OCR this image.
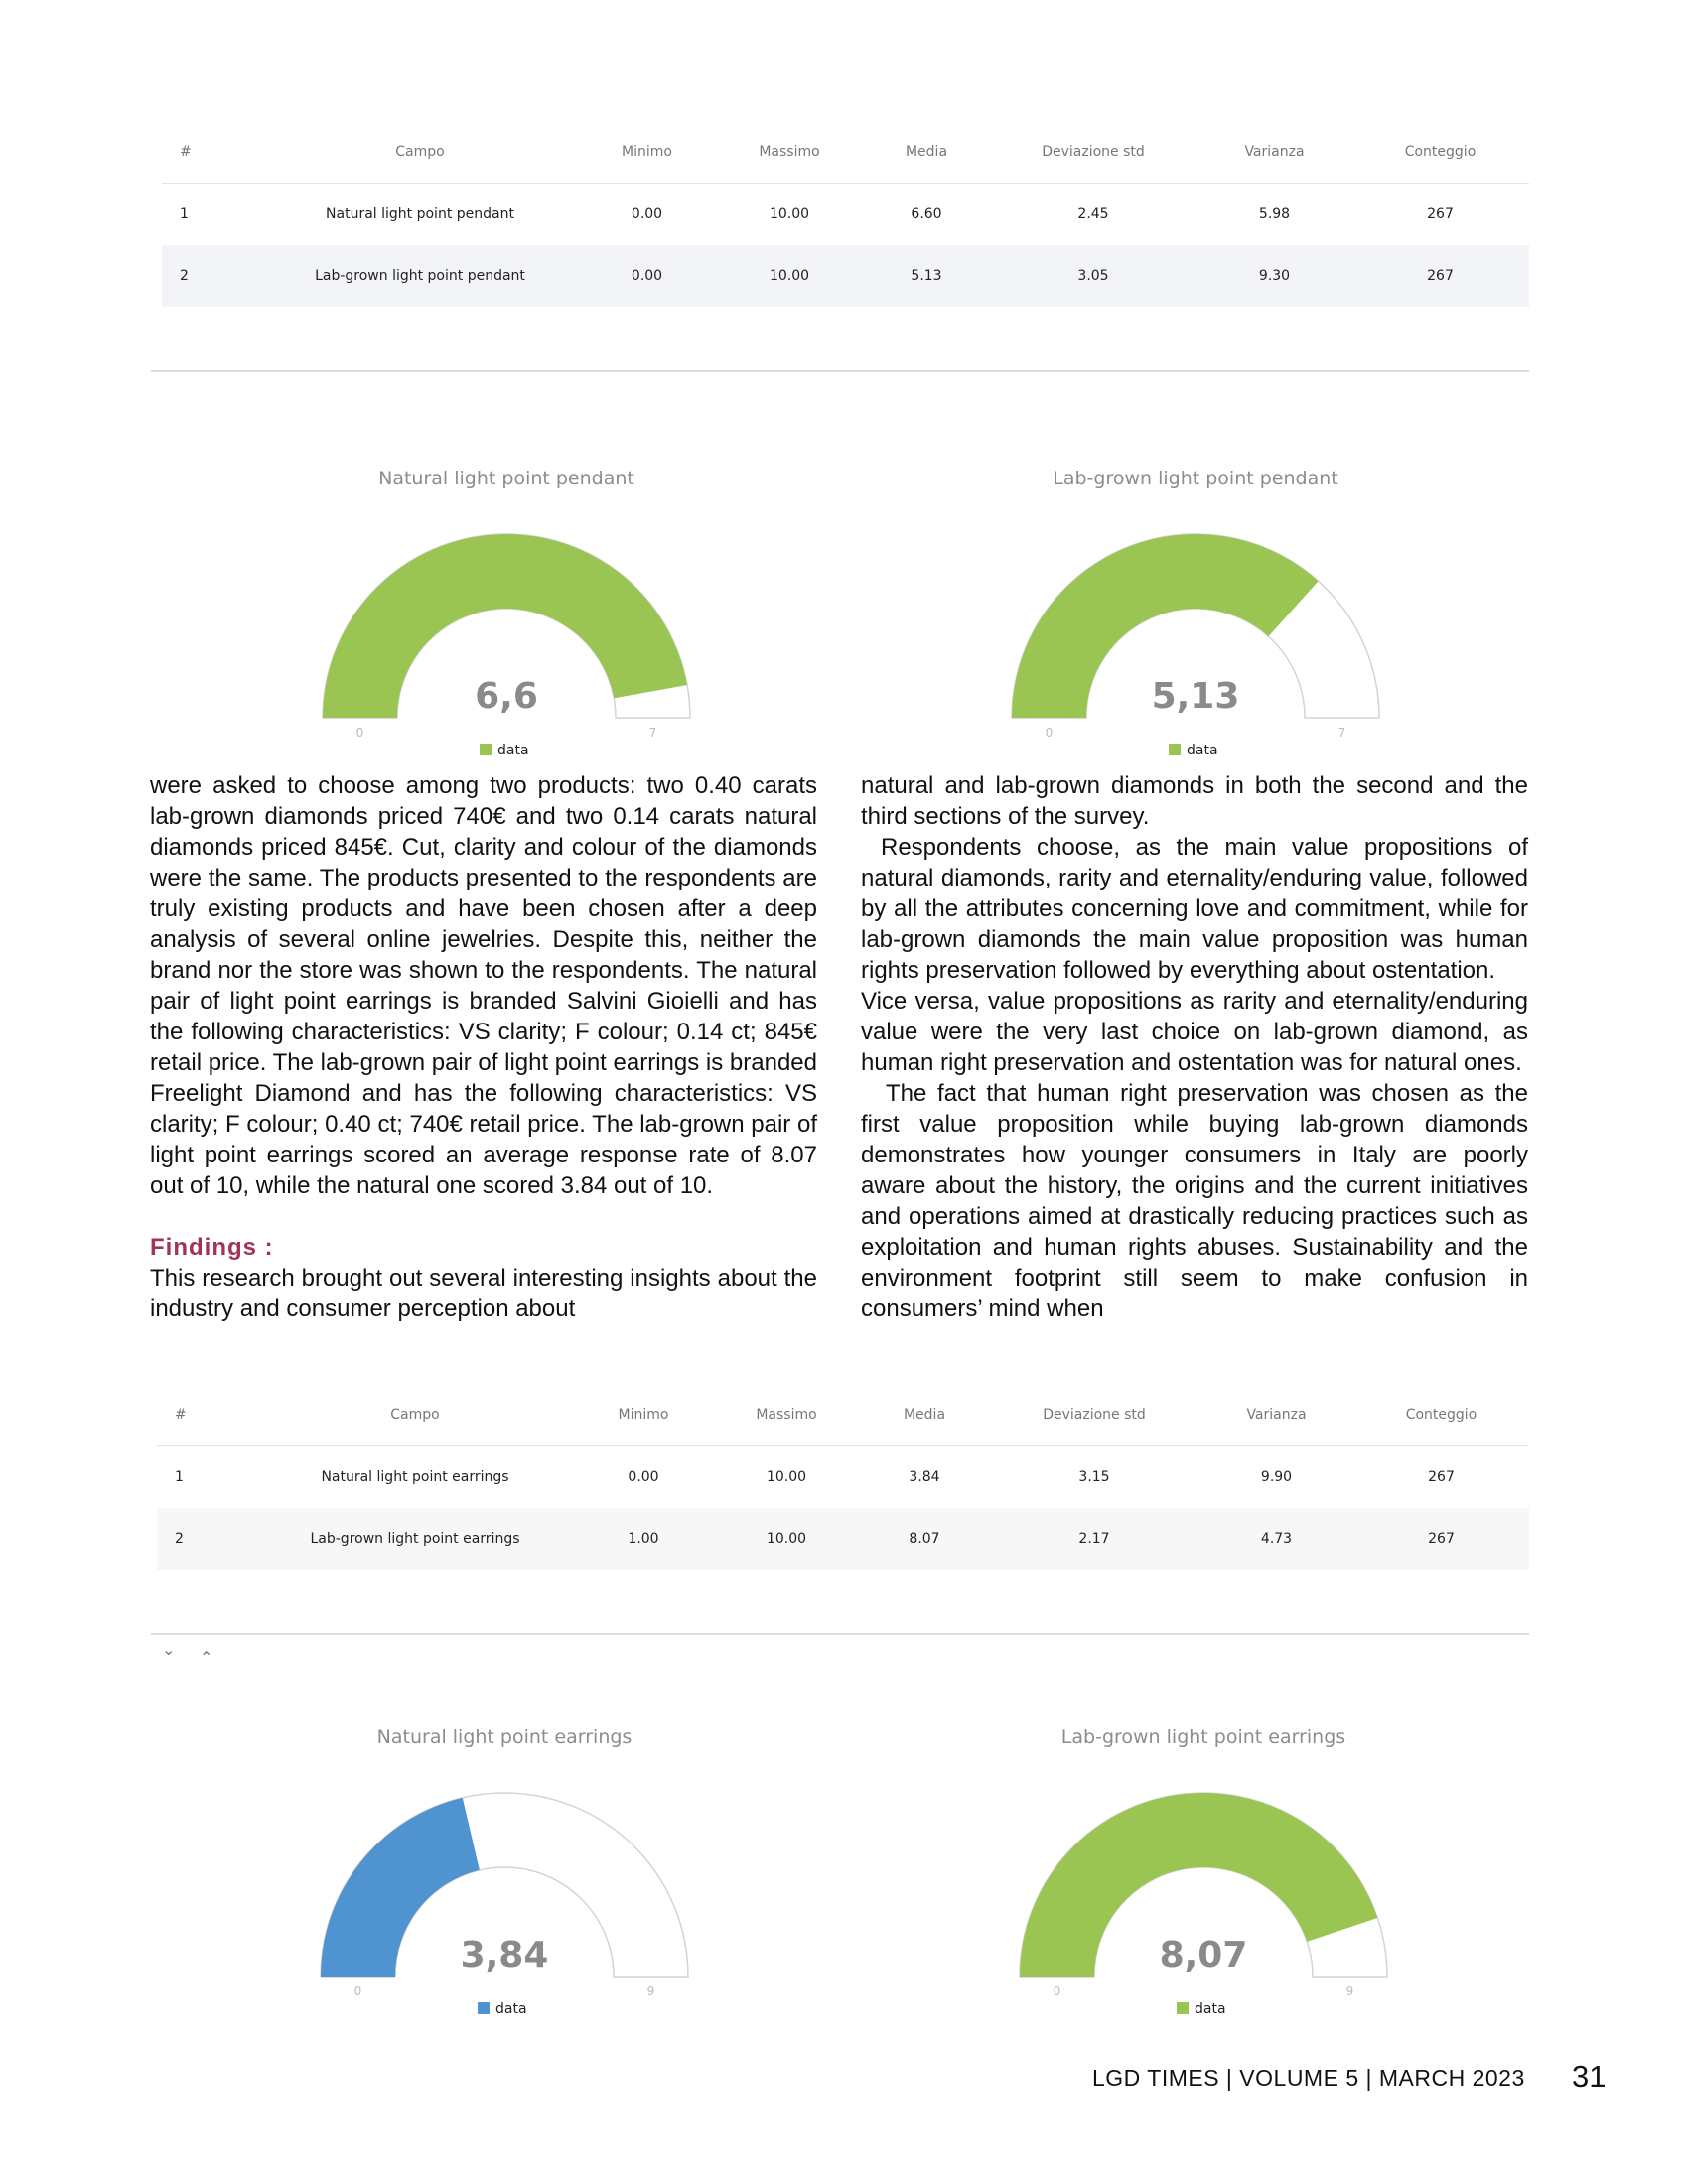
#	Campo	Minimo	Massimo	Media	Deviazione std	Varianza	Conteggio
1	Natural light point pendant	0.00	10.00	6.60	2.45	5.98	267
2	Lab-grown light point pendant	0.00	10.00	5.13	3.05	9.30	267
Natural light point pendant
6,6
0	7
data
Lab-grown light point pendant
5,13
0	7
data

were asked to choose among two products: two 0.40 carats lab-grown diamonds priced 740€ and two 0.14 carats natural diamonds priced 845€. Cut, clarity and colour of the diamonds were the same. The products presented to the respondents are truly existing products and have been chosen after a deep analysis of several online jewelries. Despite this, neither the brand nor the store was shown to the respondents. The natural pair of light point earrings is branded Salvini Gioielli and has the following characteristics: VS clarity; F colour; 0.14 ct; 845€ retail price. The lab-grown pair of light point earrings is branded Freelight Diamond and has the following characteristics: VS clarity; F colour; 0.40 ct; 740€ retail price. The lab-grown pair of light point earrings scored an average response rate of 8.07 out of 10, while the natural one scored 3.84 out of 10.

Findings :

This research brought out several interesting insights about the industry and consumer perception about

natural and lab-grown diamonds in both the second and the third sections of the survey.

Respondents choose, as the main value propositions of natural diamonds, rarity and eternality/enduring value, followed by all the attributes concerning love and commitment, while for lab-grown diamonds the main value proposition was human rights preservation followed by everything about ostentation.

Vice versa, value propositions as rarity and eternality/enduring value were the very last choice on lab-grown diamond, as human right preservation and ostentation was for natural ones.

The fact that human right preservation was chosen as the first value proposition while buying lab-grown diamonds demonstrates how younger consumers in Italy are poorly aware about the history, the origins and the current initiatives and operations aimed at drastically reducing practices such as exploitation and human rights abuses. Sustainability and the environment footprint still seem to make confusion in consumers’ mind when

#	Campo	Minimo	Massimo	Media	Deviazione std	Varianza	Conteggio
1	Natural light point earrings	0.00	10.00	3.84	3.15	9.90	267
2	Lab-grown light point earrings	1.00	10.00	8.07	2.17	4.73	267
⌄ ⌃
Natural light point earrings
3,84
0	9
data
Lab-grown light point earrings
8,07
0	9
data
LGD TIMES | VOLUME 5 | MARCH 2023 31
